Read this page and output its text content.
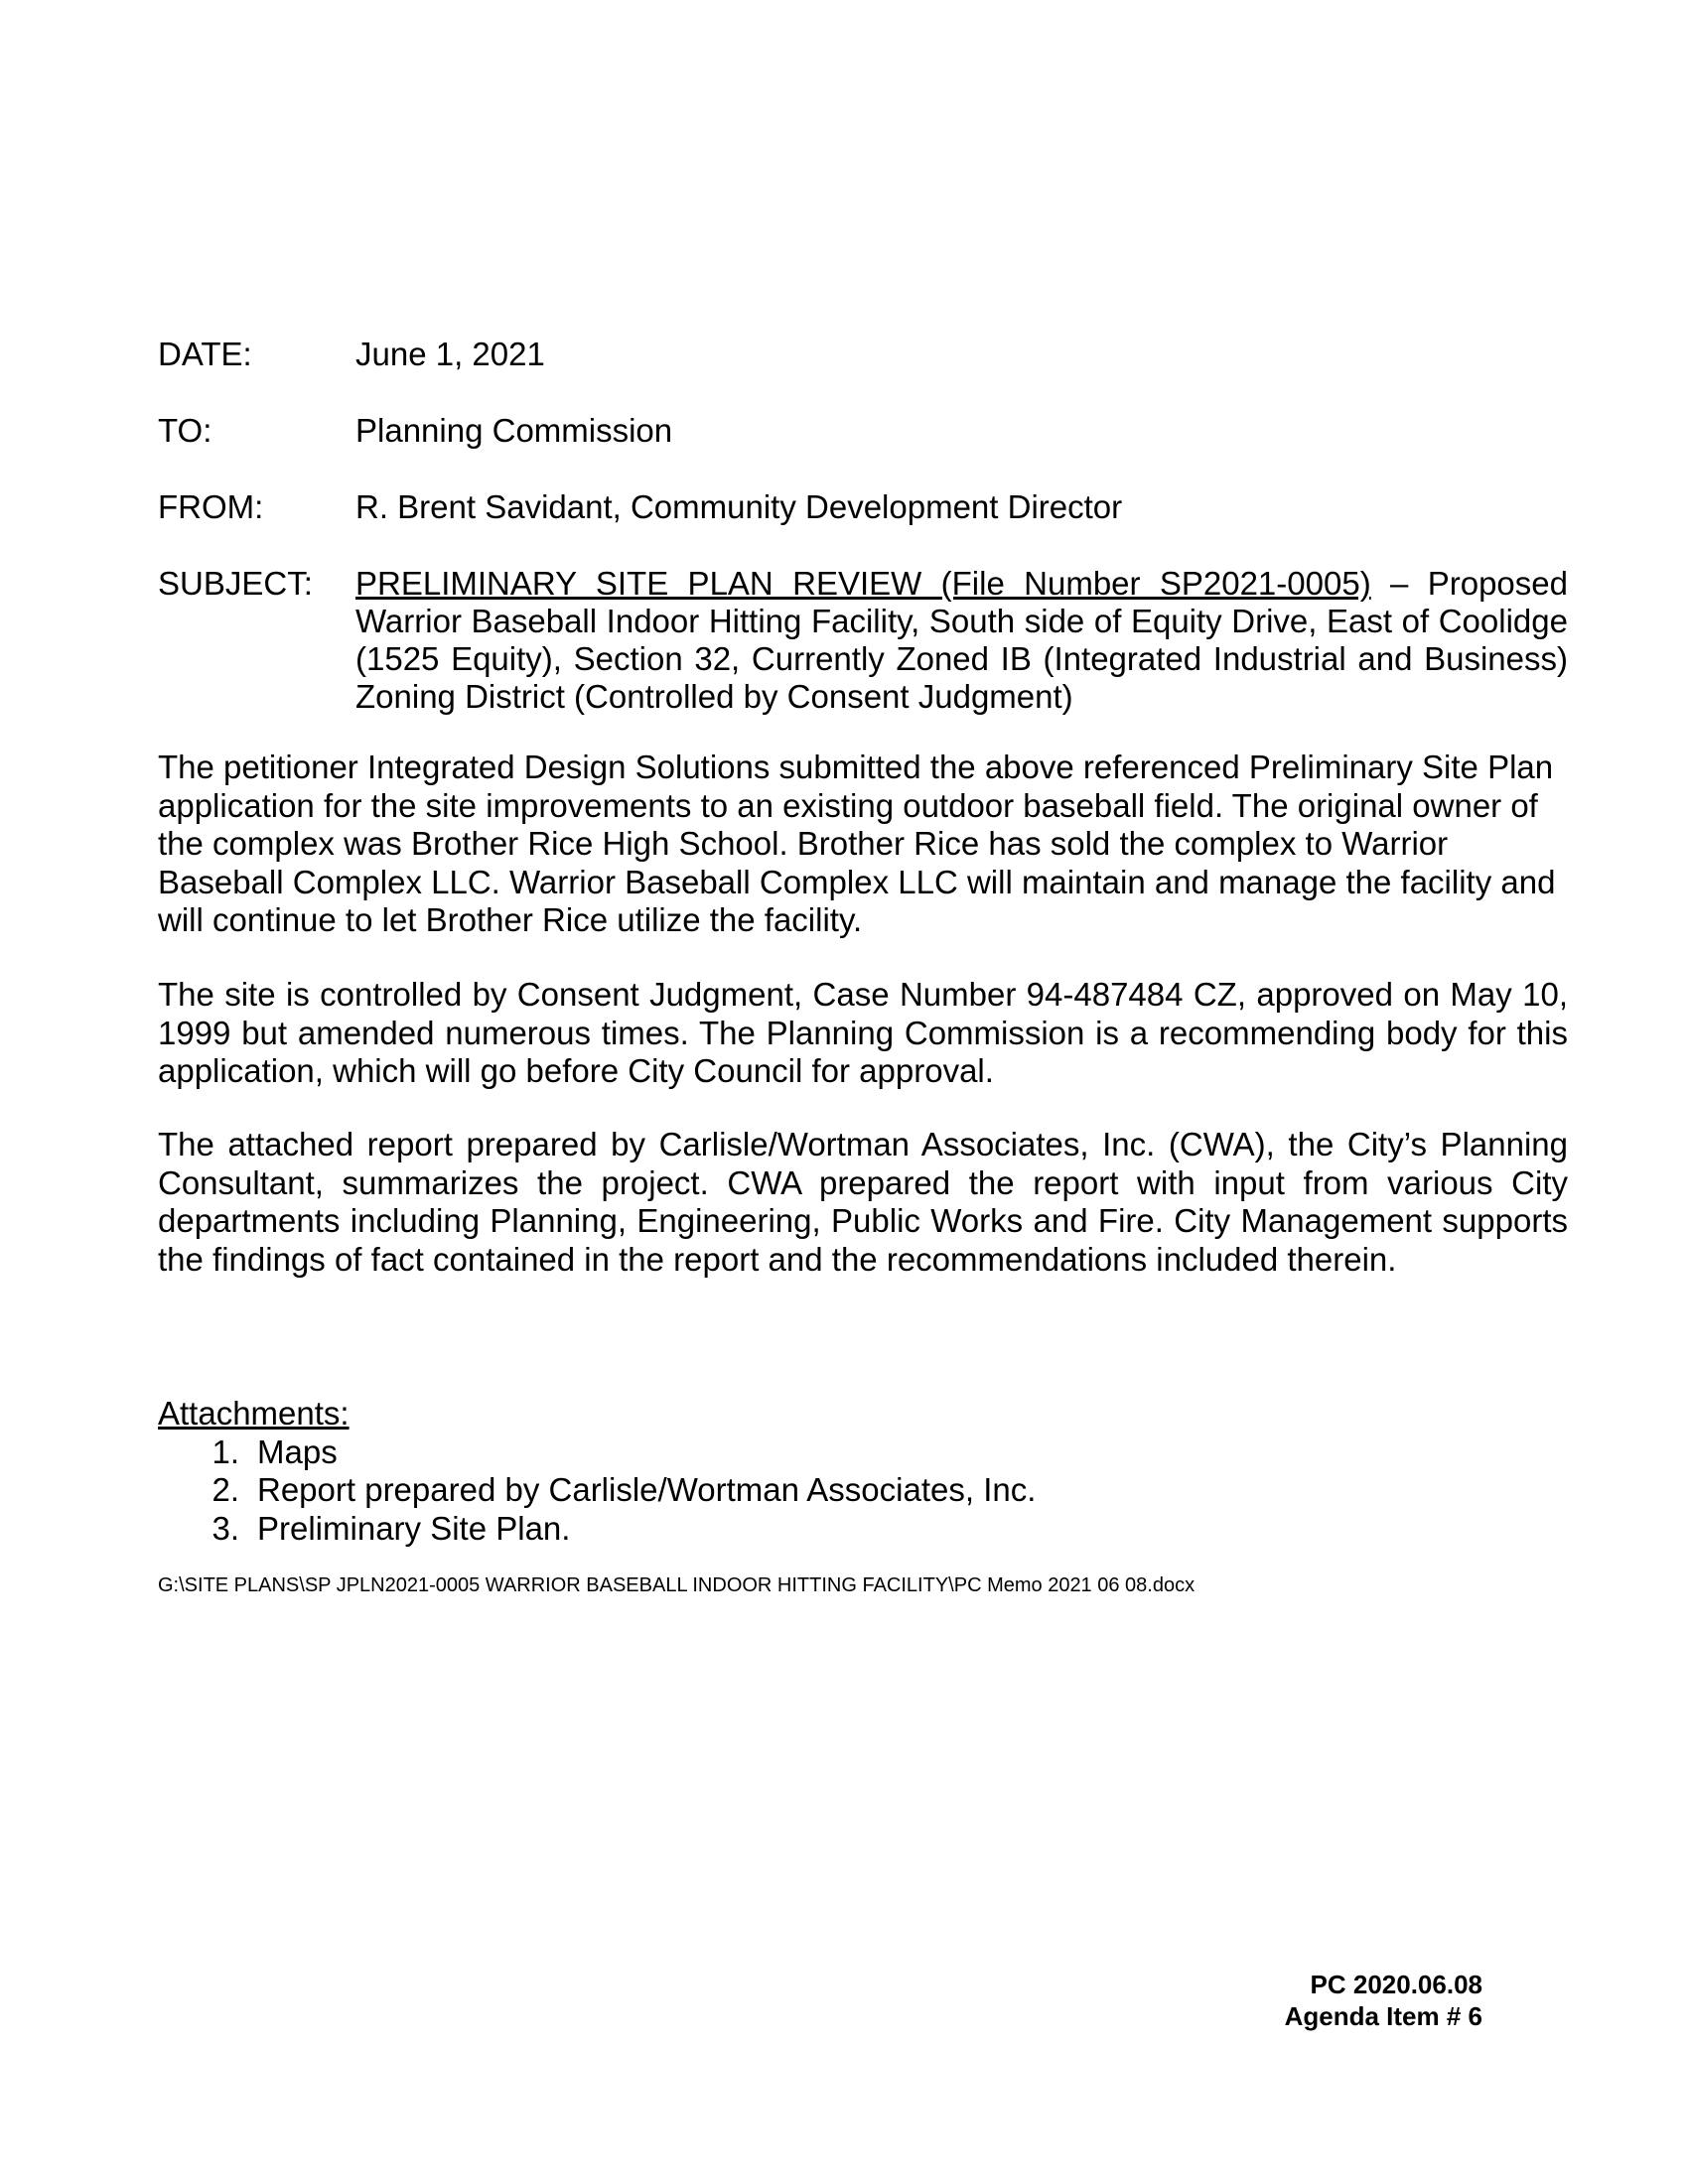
DATE:	June 1, 2021
TO:	Planning Commission
FROM:	R. Brent Savidant, Community Development Director
SUBJECT:	PRELIMINARY SITE PLAN REVIEW (File Number SP2021-0005) – Proposed Warrior Baseball Indoor Hitting Facility, South side of Equity Drive, East of Coolidge (1525 Equity), Section 32, Currently Zoned IB (Integrated Industrial and Business) Zoning District (Controlled by Consent Judgment)

The petitioner Integrated Design Solutions submitted the above referenced Preliminary Site Plan application for the site improvements to an existing outdoor baseball field. The original owner of the complex was Brother Rice High School. Brother Rice has sold the complex to Warrior Baseball Complex LLC. Warrior Baseball Complex LLC will maintain and manage the facility and will continue to let Brother Rice utilize the facility.

The site is controlled by Consent Judgment, Case Number 94-487484 CZ, approved on May 10, 1999 but amended numerous times. The Planning Commission is a recommending body for this application, which will go before City Council for approval.

The attached report prepared by Carlisle/Wortman Associates, Inc. (CWA), the City’s Planning Consultant, summarizes the project. CWA prepared the report with input from various City departments including Planning, Engineering, Public Works and Fire. City Management supports the findings of fact contained in the report and the recommendations included therein.

Attachments:
1. Maps
2. Report prepared by Carlisle/Wortman Associates, Inc.
3. Preliminary Site Plan.
G:\SITE PLANS\SP JPLN2021-0005 WARRIOR BASEBALL INDOOR HITTING FACILITY\PC Memo 2021 06 08.docx
PC 2020.06.08
Agenda Item # 6
